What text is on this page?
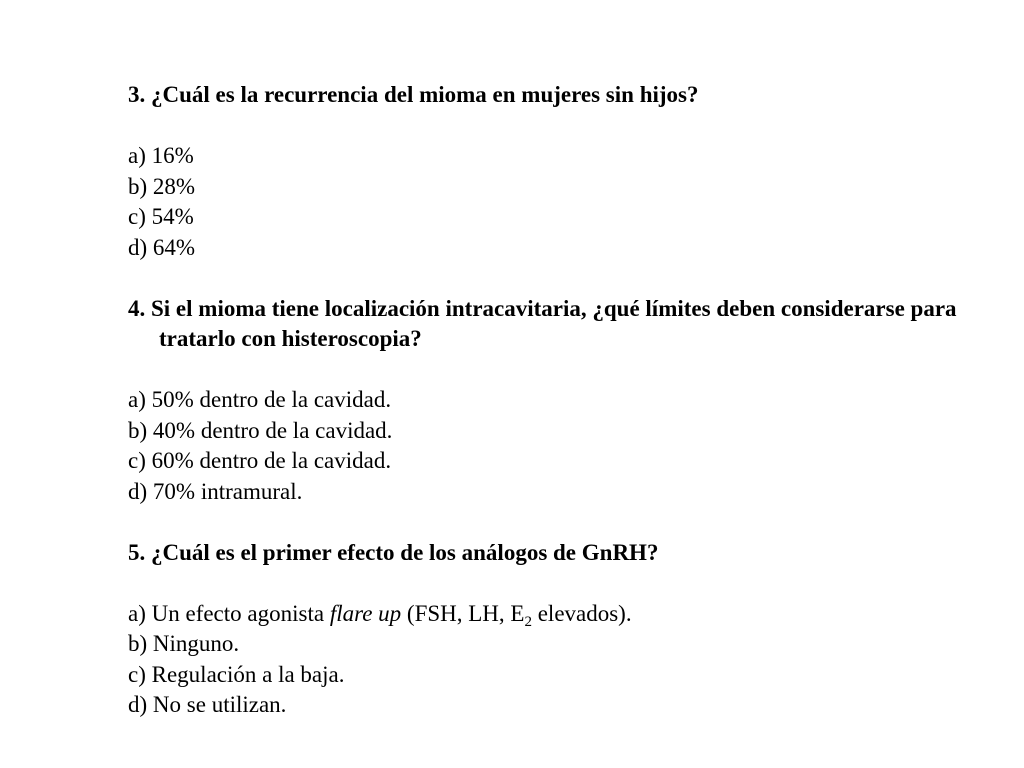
3. ¿Cuál es la recurrencia del mioma en mujeres sin hijos?

a) 16%

b) 28%

c) 54%

d) 64%

4. Si el mioma tiene localización intracavitaria, ¿qué límites deben considerarse para tratarlo con histeroscopia?

a) 50% dentro de la cavidad.

b) 40% dentro de la cavidad.

c) 60% dentro de la cavidad.

d) 70% intramural.

5. ¿Cuál es el primer efecto de los análogos de GnRH?

a) Un efecto agonista flare up (FSH, LH, $E_2$ elevados).

b) Ninguno.

c) Regulación a la baja.

d) No se utilizan.
